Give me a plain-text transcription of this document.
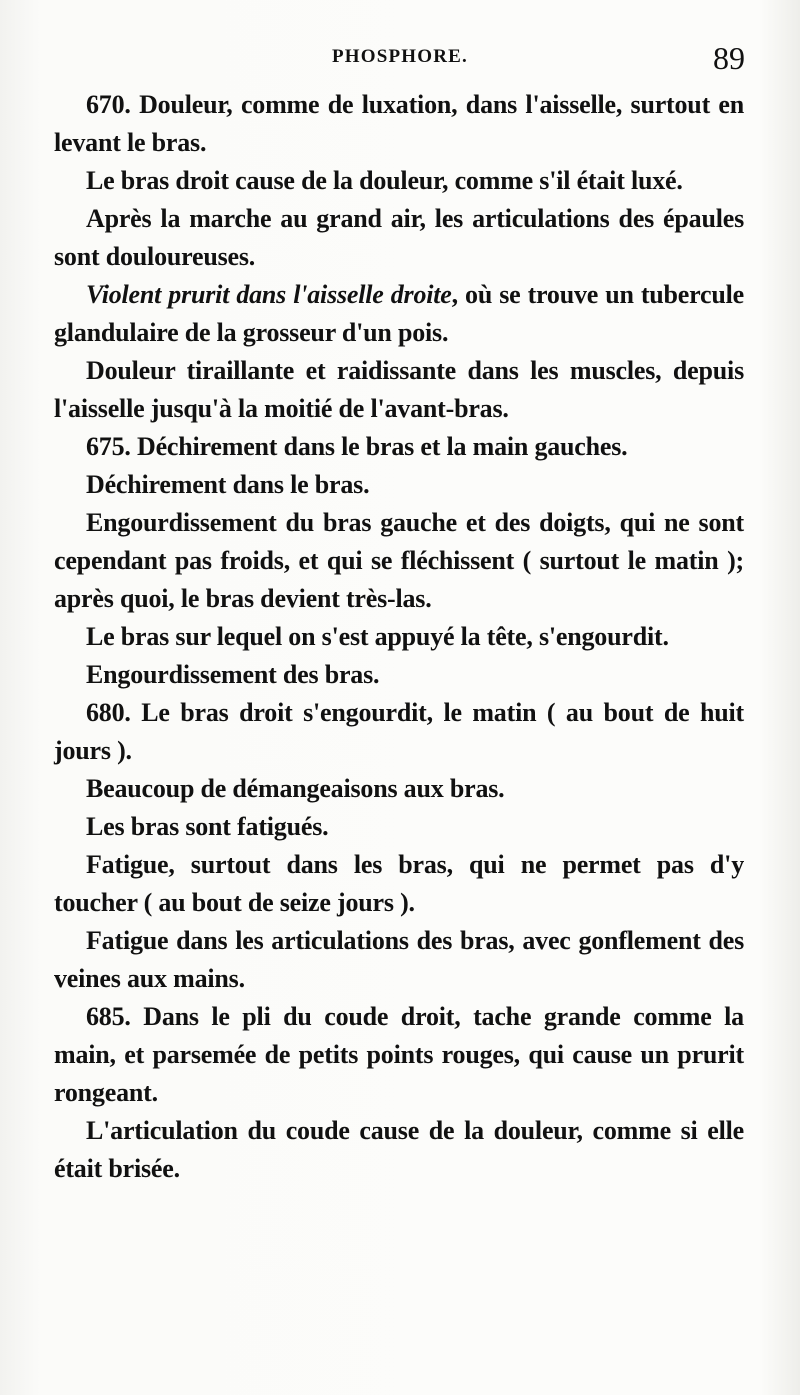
PHOSPHORE.	89

670. Douleur, comme de luxation, dans l'aisselle, surtout en levant le bras.

Le bras droit cause de la douleur, comme s'il était luxé.

Après la marche au grand air, les articulations des épaules sont douloureuses.

Violent prurit dans l'aisselle droite, où se trouve un tubercule glandulaire de la grosseur d'un pois.

Douleur tiraillante et raidissante dans les muscles, depuis l'aisselle jusqu'à la moitié de l'avant-bras.

675. Déchirement dans le bras et la main gauches.

Déchirement dans le bras.

Engourdissement du bras gauche et des doigts, qui ne sont cependant pas froids, et qui se fléchissent ( surtout le matin ); après quoi, le bras devient très-las.

Le bras sur lequel on s'est appuyé la tête, s'engourdit.

Engourdissement des bras.

680. Le bras droit s'engourdit, le matin ( au bout de huit jours ).

Beaucoup de démangeaisons aux bras.

Les bras sont fatigués.

Fatigue, surtout dans les bras, qui ne permet pas d'y toucher ( au bout de seize jours ).

Fatigue dans les articulations des bras, avec gonflement des veines aux mains.

685. Dans le pli du coude droit, tache grande comme la main, et parsemée de petits points rouges, qui cause un prurit rongeant.

L'articulation du coude cause de la douleur, comme si elle était brisée.
